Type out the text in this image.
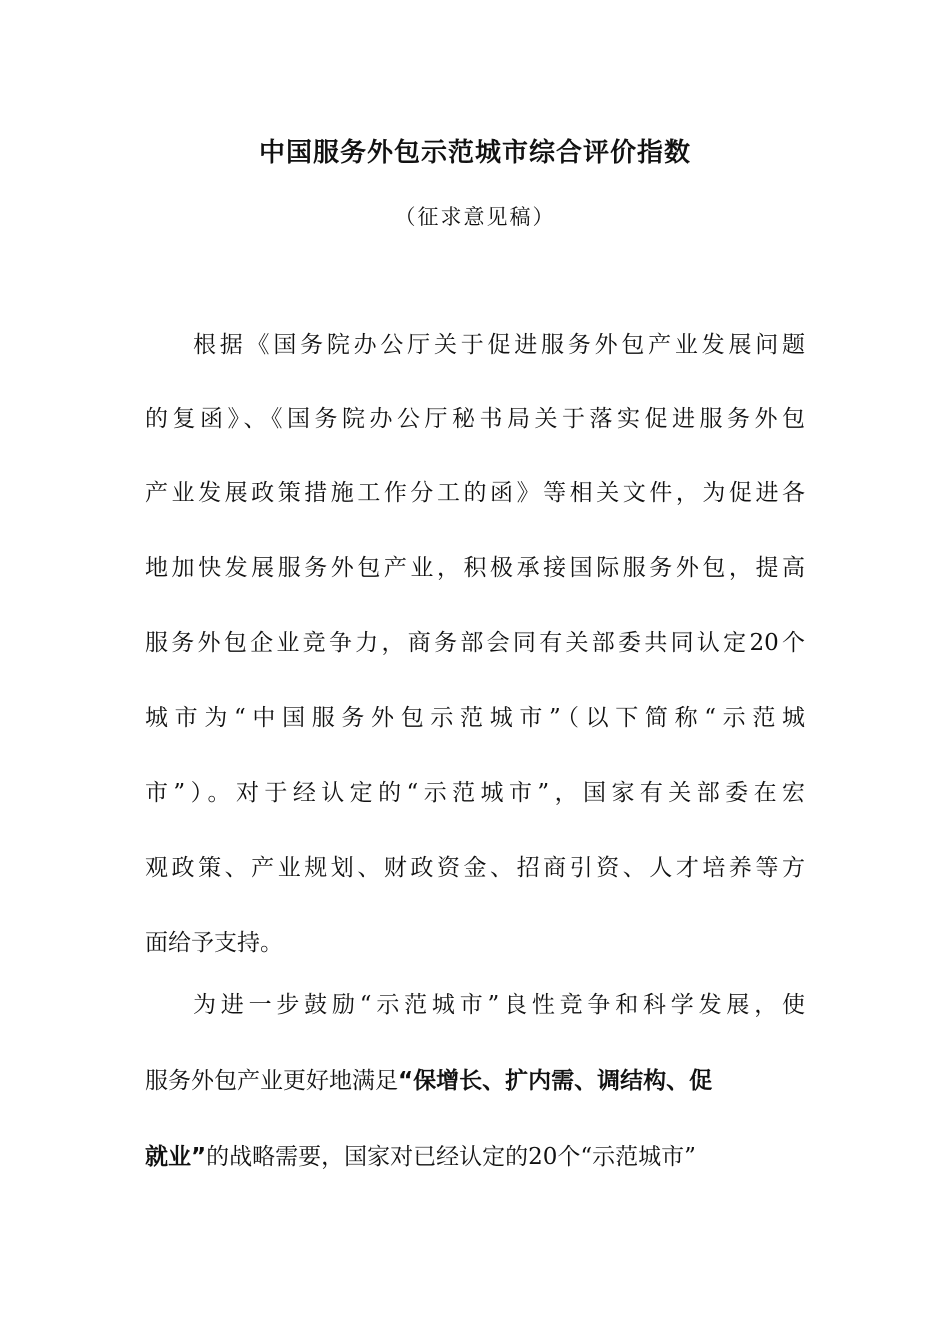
中国服务外包示范城市综合评价指数
（征求意见稿）
根据《国务院办公厅关于促进服务外包产业发展问题
的复函》、《国务院办公厅秘书局关于落实促进服务外包
产业发展政策措施工作分工的函》等相关文件，为促进各
地加快发展服务外包产业，积极承接国际服务外包，提高
服务外包企业竞争力，商务部会同有关部委共同认定20个
城市为“中国服务外包示范城市”（以下简称“示范城
市”）。对于经认定的“示范城市”，国家有关部委在宏
观政策、产业规划、财政资金、招商引资、人才培养等方
面给予支持。
为进一步鼓励“示范城市”良性竞争和科学发展，使
服务外包产业更好地满足“保增长、扩内需、调结构、促
就业”的战略需要，国家对已经认定的20个“示范城市”
